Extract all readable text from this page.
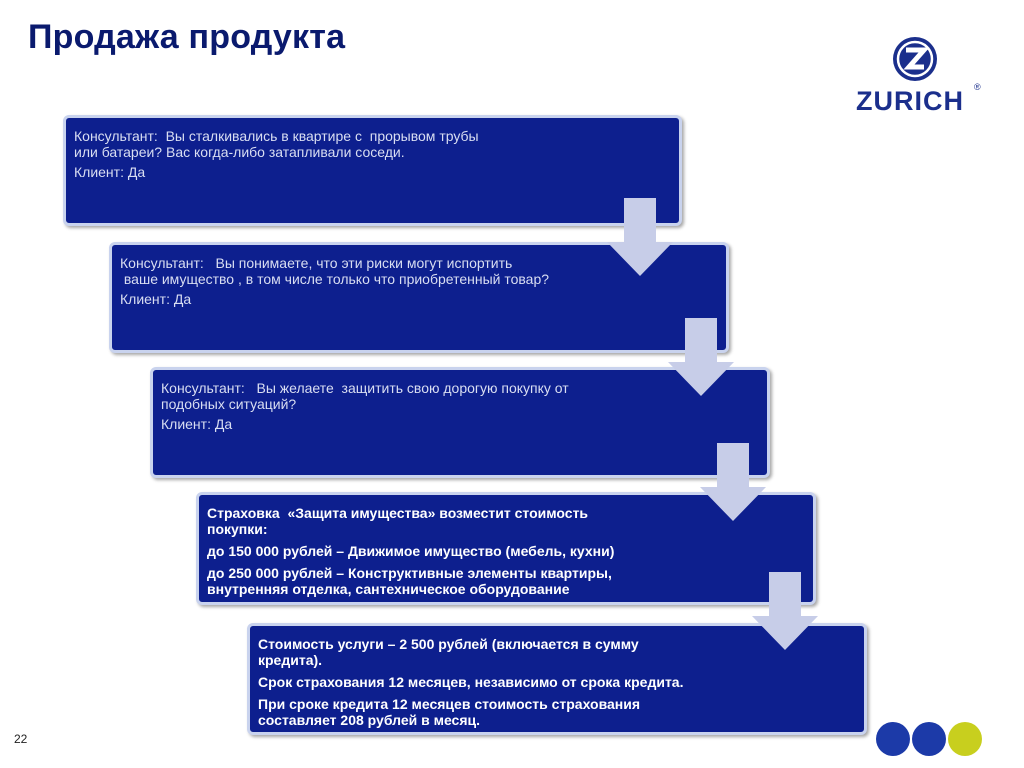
Продажа продукта
ZURICH ®

Консультант:  Вы сталкивались в квартире с  прорывом трубы
или батареи? Вас когда-либо затапливали соседи.

Клиент: Да

Консультант:   Вы понимаете, что эти риски могут испортить
ваше имущество , в том числе только что приобретенный товар?

Клиент: Да

Консультант:   Вы желаете  защитить свою дорогую покупку от
подобных ситуаций?

Клиент: Да

Страховка  «Защита имущества» возместит стоимость
покупки:

до 150 000 рублей – Движимое имущество (мебель, кухни)

до 250 000 рублей – Конструктивные элементы квартиры,
внутренняя отделка, сантехническое оборудование

Стоимость услуги – 2 500 рублей (включается в сумму
кредита).

Срок страхования 12 месяцев, независимо от срока кредита.

При сроке кредита 12 месяцев стоимость страхования
составляет 208 рублей в месяц.

22
